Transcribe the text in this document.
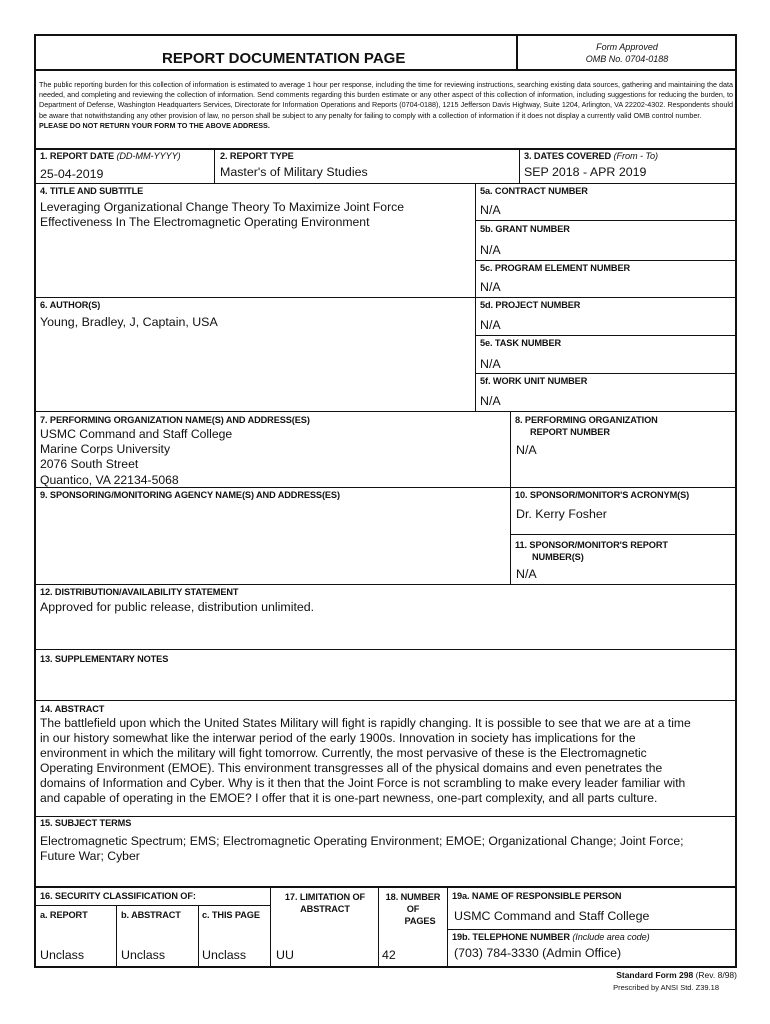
REPORT DOCUMENTATION PAGE
Form Approved
OMB No. 0704-0188
The public reporting burden for this collection of information is estimated to average 1 hour per response, including the time for reviewing instructions, searching existing data sources, gathering and maintaining the data needed, and completing and reviewing the collection of information. Send comments regarding this burden estimate or any other aspect of this collection of information, including suggestions for reducing the burden, to Department of Defense, Washington Headquarters Services, Directorate for Information Operations and Reports (0704-0188), 1215 Jefferson Davis Highway, Suite 1204, Arlington, VA 22202-4302. Respondents should be aware that notwithstanding any other provision of law, no person shall be subject to any penalty for failing to comply with a collection of information if it does not display a currently valid OMB control number.
PLEASE DO NOT RETURN YOUR FORM TO THE ABOVE ADDRESS.
1. REPORT DATE (DD-MM-YYYY)
25-04-2019
2. REPORT TYPE
Master's of Military Studies
3. DATES COVERED (From - To)
SEP 2018 - APR 2019
4. TITLE AND SUBTITLE
Leveraging Organizational Change Theory To Maximize Joint Force
Effectiveness In The Electromagnetic Operating Environment
5a. CONTRACT NUMBER
N/A
5b. GRANT NUMBER
N/A
5c. PROGRAM ELEMENT NUMBER
N/A
6. AUTHOR(S)
Young, Bradley, J, Captain, USA
5d. PROJECT NUMBER
N/A
5e. TASK NUMBER
N/A
5f. WORK UNIT NUMBER
N/A
7. PERFORMING ORGANIZATION NAME(S) AND ADDRESS(ES)
USMC Command and Staff College
Marine Corps University
2076 South Street
Quantico, VA 22134-5068
8. PERFORMING ORGANIZATION
REPORT NUMBER
N/A
9. SPONSORING/MONITORING AGENCY NAME(S) AND ADDRESS(ES)	10. SPONSOR/MONITOR'S ACRONYM(S)
Dr. Kerry Fosher
11. SPONSOR/MONITOR'S REPORT
NUMBER(S)
N/A
12. DISTRIBUTION/AVAILABILITY STATEMENT
Approved for public release, distribution unlimited.
13. SUPPLEMENTARY NOTES
14. ABSTRACT
The battlefield upon which the United States Military will fight is rapidly changing. It is possible to see that we are at a time
in our history somewhat like the interwar period of the early 1900s. Innovation in society has implications for the
environment in which the military will fight tomorrow. Currently, the most pervasive of these is the Electromagnetic
Operating Environment (EMOE). This environment transgresses all of the physical domains and even penetrates the
domains of Information and Cyber. Why is it then that the Joint Force is not scrambling to make every leader familiar with
and capable of operating in the EMOE? I offer that it is one-part newness, one-part complexity, and all parts culture.
15. SUBJECT TERMS
Electromagnetic Spectrum; EMS; Electromagnetic Operating Environment; EMOE; Organizational Change; Joint Force;
Future War; Cyber
16. SECURITY CLASSIFICATION OF:
a. REPORT	b. ABSTRACT c. THIS PAGE
Unclass	Unclass	Unclass
17. LIMITATION OF
ABSTRACT
UU
18. NUMBER
OF
PAGES
42
19a. NAME OF RESPONSIBLE PERSON
USMC Command and Staff College
19b. TELEPHONE NUMBER (Include area code)
(703) 784-3330 (Admin Office)
Standard Form 298 (Rev. 8/98)
Prescribed by ANSI Std. Z39.18
